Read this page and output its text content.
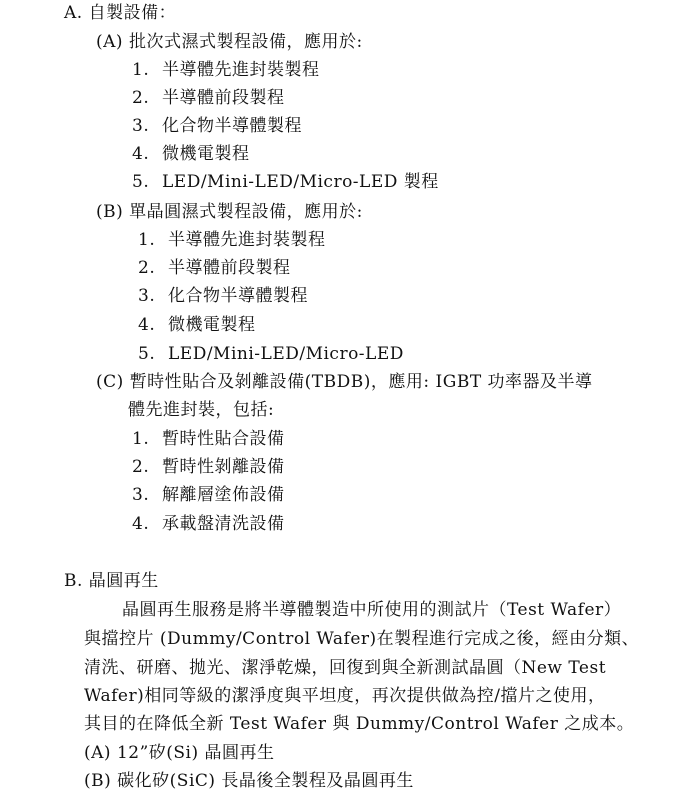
A. 自製設備：
(A) 批次式濕式製程設備，應用於:
1. 半導體先進封裝製程
2. 半導體前段製程
3. 化合物半導體製程
4. 微機電製程
5. LED/Mini-LED/Micro-LED 製程
(B) 單晶圓濕式製程設備，應用於:
1. 半導體先進封裝製程
2. 半導體前段製程
3. 化合物半導體製程
4. 微機電製程
5. LED/Mini-LED/Micro-LED
(C) 暫時性貼合及剝離設備(TBDB)，應用: IGBT 功率器及半導
體先進封裝，包括:
1. 暫時性貼合設備
2. 暫時性剝離設備
3. 解離層塗佈設備
4. 承載盤清洗設備
B. 晶圓再生
晶圓再生服務是將半導體製造中所使用的測試片（Test Wafer）
與擋控片 (Dummy/Control Wafer)在製程進行完成之後，經由分類、
清洗、研磨、拋光、潔淨乾燥，回復到與全新測試晶圓（New Test
Wafer)相同等級的潔淨度與平坦度，再次提供做為控/擋片之使用，
其目的在降低全新 Test Wafer 與 Dummy/Control Wafer 之成本。
(A) 12”矽(Si) 晶圓再生
(B) 碳化矽(SiC) 長晶後全製程及晶圓再生
